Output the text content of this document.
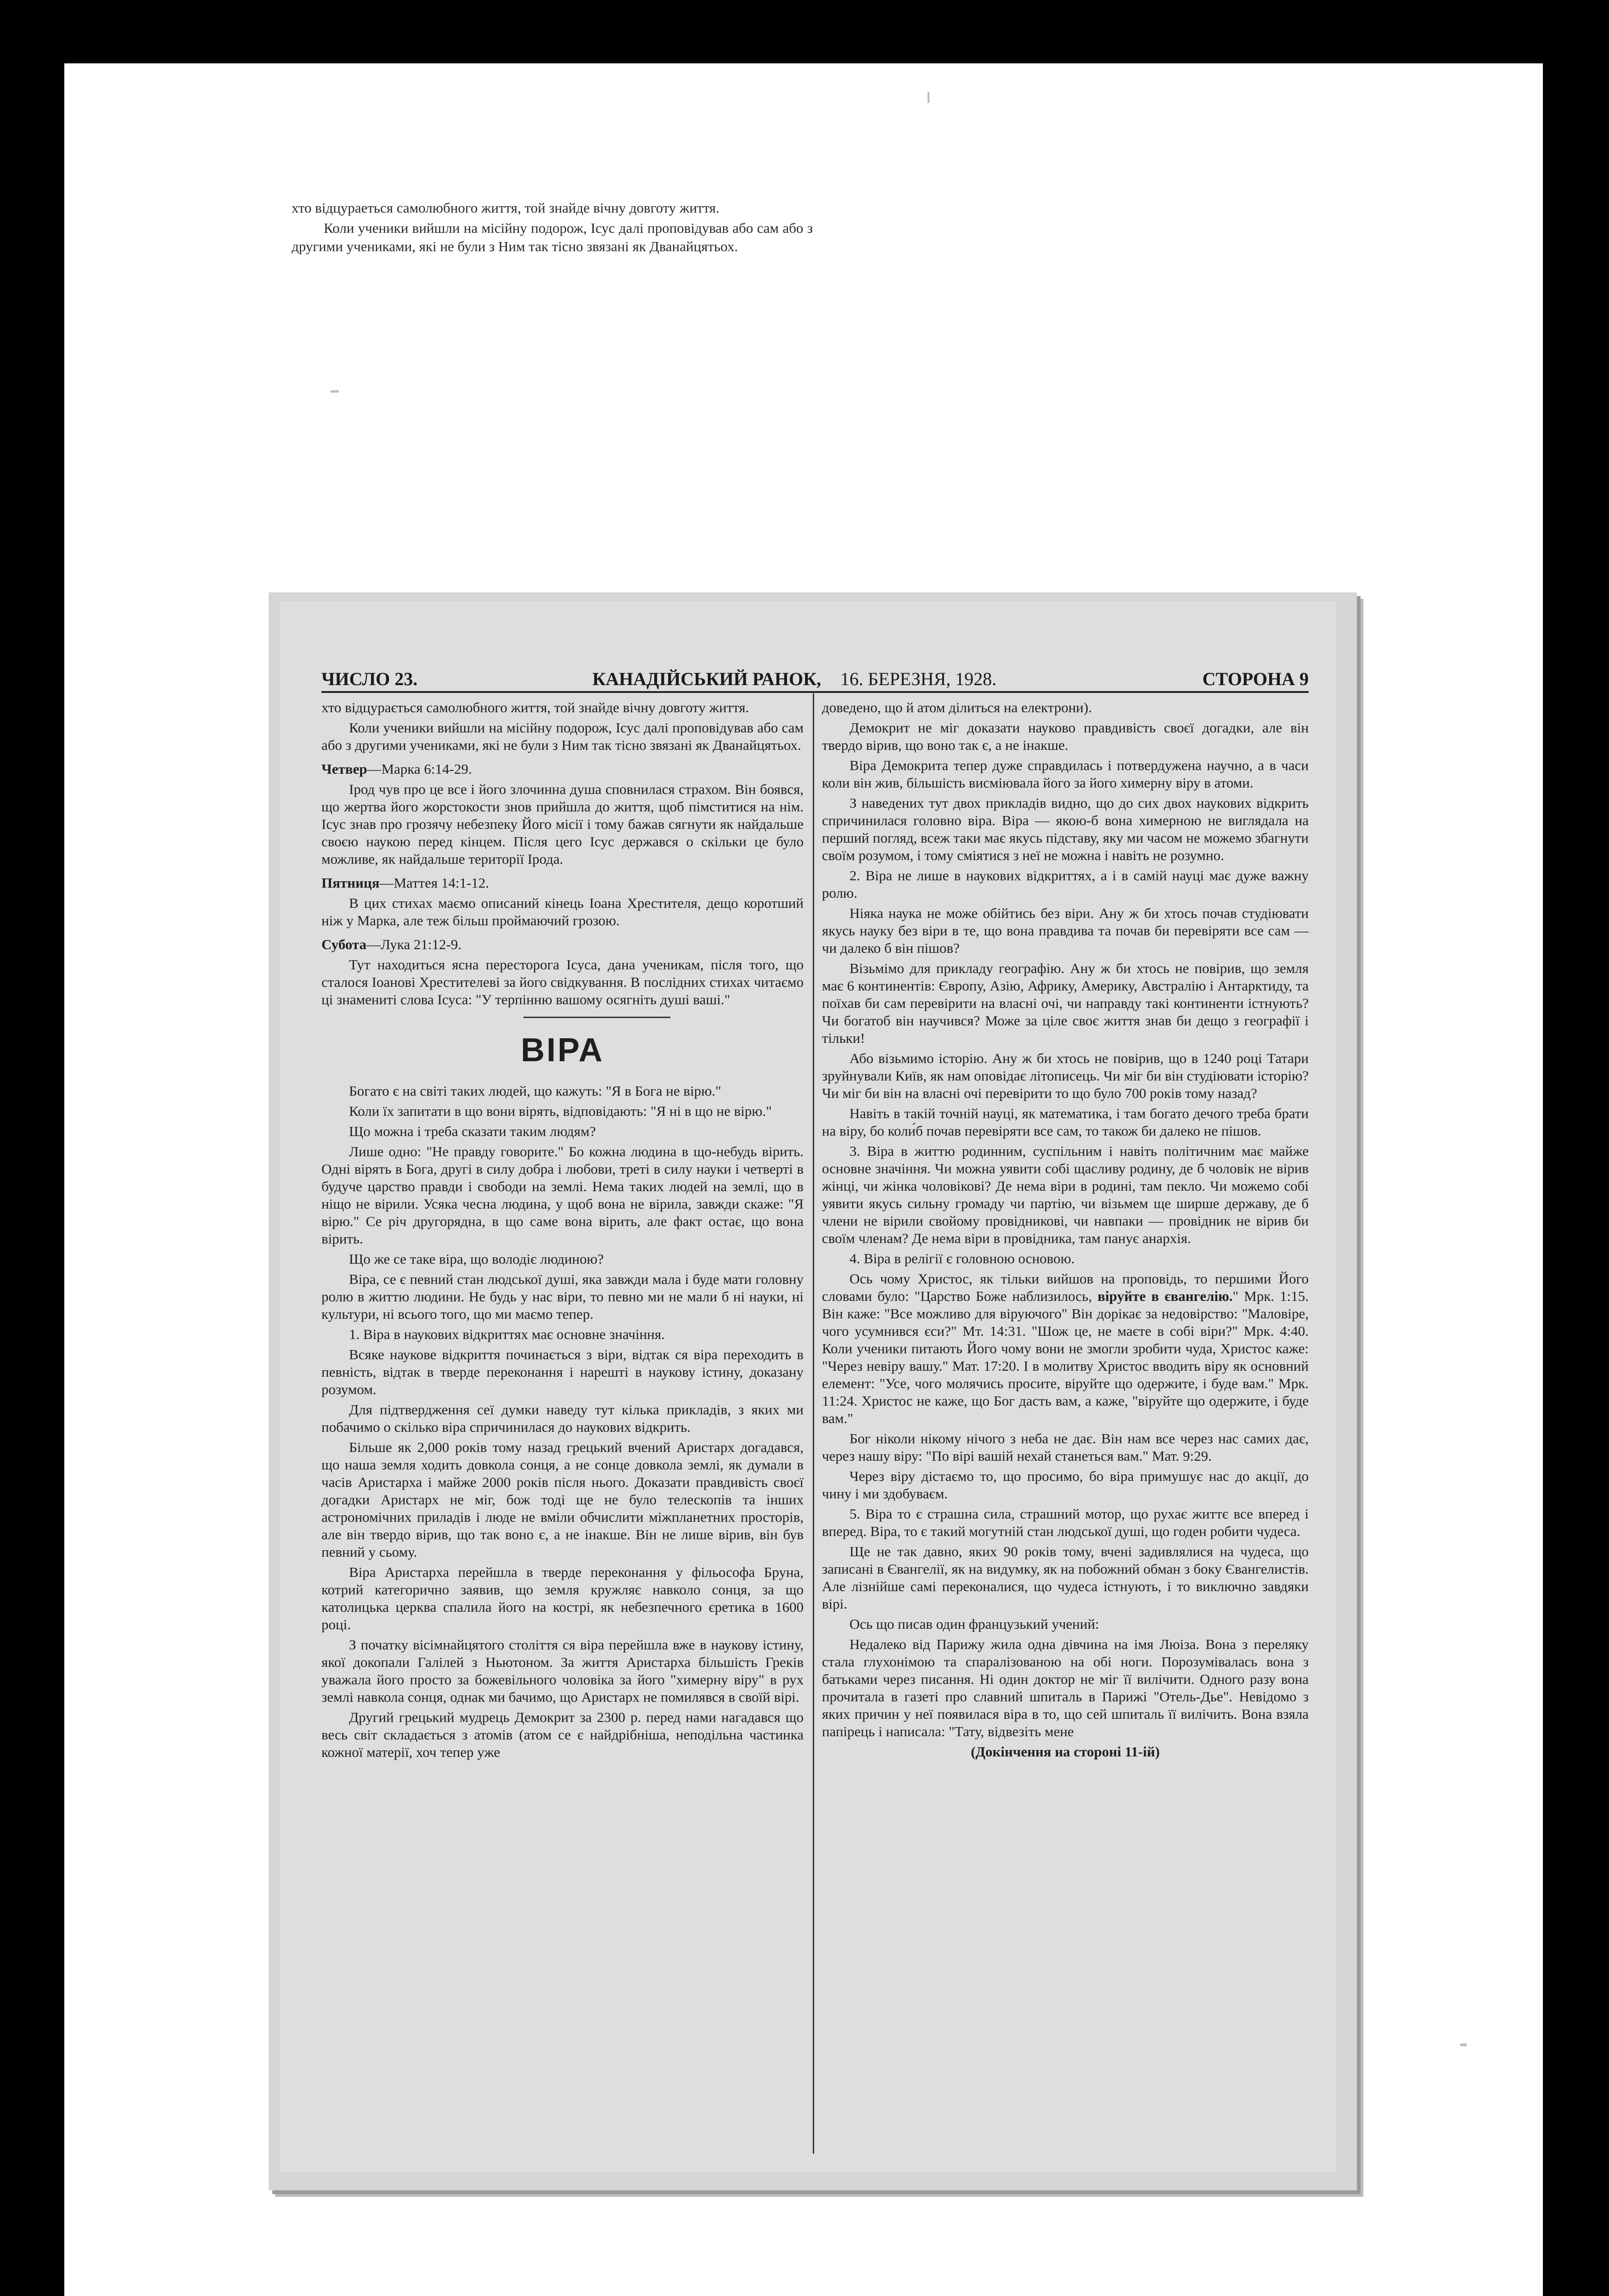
хто відцураеться самолюбного життя, той знайде вічну довготу життя.

Коли ученики вийшли на місійну подорож, Ісус далі проповідував або сам або з другими учениками, які не були з Ним так тісно звязані як Дванайцятьох.

ЧИСЛО 23.	КАНАДІЙСЬКИЙ РАНОК, 16. БЕРЕЗНЯ, 1928.	СТОРОНА 9

хто відцурається самолюбного життя, той знайде вічну довготу життя.

Коли ученики вийшли на місійну подорож, Ісус далі проповідував або сам або з другими учениками, які не були з Ним так тісно звязані як Дванайцятьох.

Четвер—Марка 6:14-29.

Ірод чув про це все і його злочинна душа сповнилася страхом. Він боявся, що жертва його жорстокости знов прийшла до життя, щоб пімститися на нім. Ісус знав про грозячу небезпеку Його місії і тому бажав сягнути як найдальше своєю наукою перед кінцем. Після цего Ісус держався о скільки це було можливе, як найдальше території Ірода.

Пятниця—Маттея 14:1-12.

В цих стихах маємо описаний кінець Іоана Хрестителя, дещо коротший ніж у Марка, але теж більш проймаючий грозою.

Субота—Лука 21:12-9.

Тут находиться ясна пересторога Ісуса, дана ученикам, після того, що сталося Іоанові Хрестителеві за його свідкування. В послідних стихах читаємо ці знамениті слова Ісуса: "У терпінню вашому осягніть душі ваші."

ВІРА

Богато є на світі таких людей, що кажуть: "Я в Бога не вірю."

Коли їх запитати в що вони вірять, відповідають: "Я ні в що не вірю."

Що можна і треба сказати таким людям?

Лише одно: "Не правду говорите." Бо кожна людина в що-небудь вірить. Одні вірять в Бога, другі в силу добра і любови, треті в силу науки і четверті в будуче царство правди і свободи на землі. Нема таких людей на землі, що в ніщо не вірили. Усяка чесна людина, у щоб вона не вірила, завжди скаже: "Я вірю." Се річ другорядна, в що саме вона вірить, але факт остає, що вона вірить.

Що же се таке віра, що володіє людиною?

Віра, се є певний стан людської душі, яка завжди мала і буде мати головну ролю в життю людини. Не будь у нас віри, то певно ми не мали б ні науки, ні культури, ні всього того, що ми маємо тепер.

1. Віра в наукових відкриттях має основне значіння.

Всяке наукове відкриття починається з віри, відтак ся віра переходить в певність, відтак в тверде переконання і нарешті в наукову істину, доказану розумом.

Для підтвердження сеї думки наведу тут кілька прикладів, з яких ми побачимо о скілько віра спричинилася до наукових відкрить.

Більше як 2,000 років тому назад грецький вчений Аристарх догадався, що наша земля ходить довкола сонця, а не сонце довкола землі, як думали в часів Аристарха і майже 2000 років після нього. Доказати правдивість своєї догадки Аристарх не міг, бож тоді ще не було телескопів та інших астрономічних приладів і люде не вміли обчислити міжпланетних просторів, але він твердо вірив, що так воно є, а не інакше. Він не лише вірив, він був певний у сьому.

Віра Аристарха перейшла в тверде переконання у фільософа Бруна, котрий категорично заявив, що земля кружляє навколо сонця, за що католицька церква спалила його на кострі, як небезпечного єретика в 1600 році.

З початку вісімнайцятого століття ся віра перейшла вже в наукову істину, якої докопали Галілей з Ньютоном. За життя Аристарха більшість Греків уважала його просто за божевільного чоловіка за його "химерну віру" в рух землі навкола сонця, однак ми бачимо, що Аристарх не помилявся в своїй вірі.

Другий грецький мудрець Демокрит за 2300 р. перед нами нагадався що весь світ складається з атомів (атом се є найдрібніша, неподільна частинка кожної матерії, хоч тепер уже

доведено, що й атом ділиться на електрони).

Демокрит не міг доказати науково правдивість своєї догадки, але він твердо вірив, що воно так є, а не інакше.

Віра Демокрита тепер дуже справдилась і потвердужена научно, а в часи коли він жив, більшість висміювала його за його химерну віру в атоми.

З наведених тут двох прикладів видно, що до сих двох наукових відкрить спричинилася головно віра. Віра — якою-б вона химерною не виглядала на перший погляд, всеж таки має якусь підставу, яку ми часом не можемо збагнути своїм розумом, і тому сміятися з неї не можна і навіть не розумно.

2. Віра не лише в наукових відкриттях, а і в самій науці має дуже важну ролю.

Ніяка наука не може обійтись без віри. Ану ж би хтось почав студіювати якусь науку без віри в те, що вона правдива та почав би перевіряти все сам — чи далеко б він пішов?

Візьмімо для прикладу географію. Ану ж би хтось не повірив, що земля має 6 континентів: Європу, Азію, Африку, Америку, Австралію і Антарктиду, та поїхав би сам перевірити на власні очі, чи направду такі континенти істнують? Чи богатоб він научився? Може за ціле своє життя знав би дещо з географії і тільки!

Або візьмимо історію. Ану ж би хтось не повірив, що в 1240 році Татари зруйнували Київ, як нам оповідає літописець. Чи міг би він студіювати історію? Чи міг би він на власні очі перевірити то що було 700 років тому назад?

Навіть в такій точній науці, як математика, і там богато дечого треба брати на віру, бо коли́б почав перевіряти все сам, то також би далеко не пішов.

3. Віра в життю родинним, суспільним і навіть політичним має майже основне значіння. Чи можна уявити собі щасливу родину, де б чоловік не вірив жінці, чи жінка чоловікові? Де нема віри в родині, там пекло. Чи можемо собі уявити якусь сильну громаду чи партію, чи візьмем ще ширше державу, де б члени не вірили свойому провідникові, чи навпаки — провідник не вірив би своїм членам? Де нема віри в провідника, там панує анархія.

4. Віра в релігії є головною основою.

Ось чому Христос, як тільки вийшов на проповідь, то першими Його словами було: "Царство Боже наблизилось, вірyйте в євангелію." Мрк. 1:15. Він каже: "Все можливо для віруючого" Він дорікає за недовірство: "Маловіре, чого усумнився єси?" Мт. 14:31. "Шож це, не маєте в собі віри?" Мрк. 4:40. Коли ученики питають Його чому вони не змогли зробити чуда, Христос каже: "Через невіру вашу." Мат. 17:20. І в молитву Христос вводить віру як основний елемент: "Усе, чого молячись просите, віруйте що одержите, і буде вам." Мрк. 11:24. Христос не каже, що Бог дасть вам, а каже, "віруйте що одержите, і буде вам."

Бог ніколи нікому нічого з неба не дає. Він нам все через нас самих дає, через нашу віру: "По вірі вашій нехай станеться вам." Мат. 9:29.

Через віру дістаємо то, що просимо, бо віра примушує нас до акції, до чину і ми здобуваєм.

5. Віра то є страшна сила, страшний мотор, що рухає життє все вперед і вперед. Віра, то є такий могутній стан людської душі, що годен робити чудеса.

Ще не так давно, яких 90 років тому, вчені задивлялися на чудеса, що записані в Євангелії, як на видумку, як на побожний обман з боку Євангелистів. Але лізнійше самі переконалися, що чудеса істнують, і то виключно завдяки вірі.

Ось що писав один французький учений:

Недалеко від Парижу жила одна дівчина на імя Люіза. Вона з переляку стала глухонімою та спаралізованою на обі ноги. Порозумівалась вона з батьками через писання. Ні один доктор не міг її вилічити. Одного разу вона прочитала в газеті про славний шпиталь в Парижі "Отель-Дье". Невідомо з яких причин у неї появилася віра в то, що сей шпиталь її вилічить. Вона взяла папірець і написала: "Тату, відвезіть мене

(Докінчення на стороні 11-ій)
